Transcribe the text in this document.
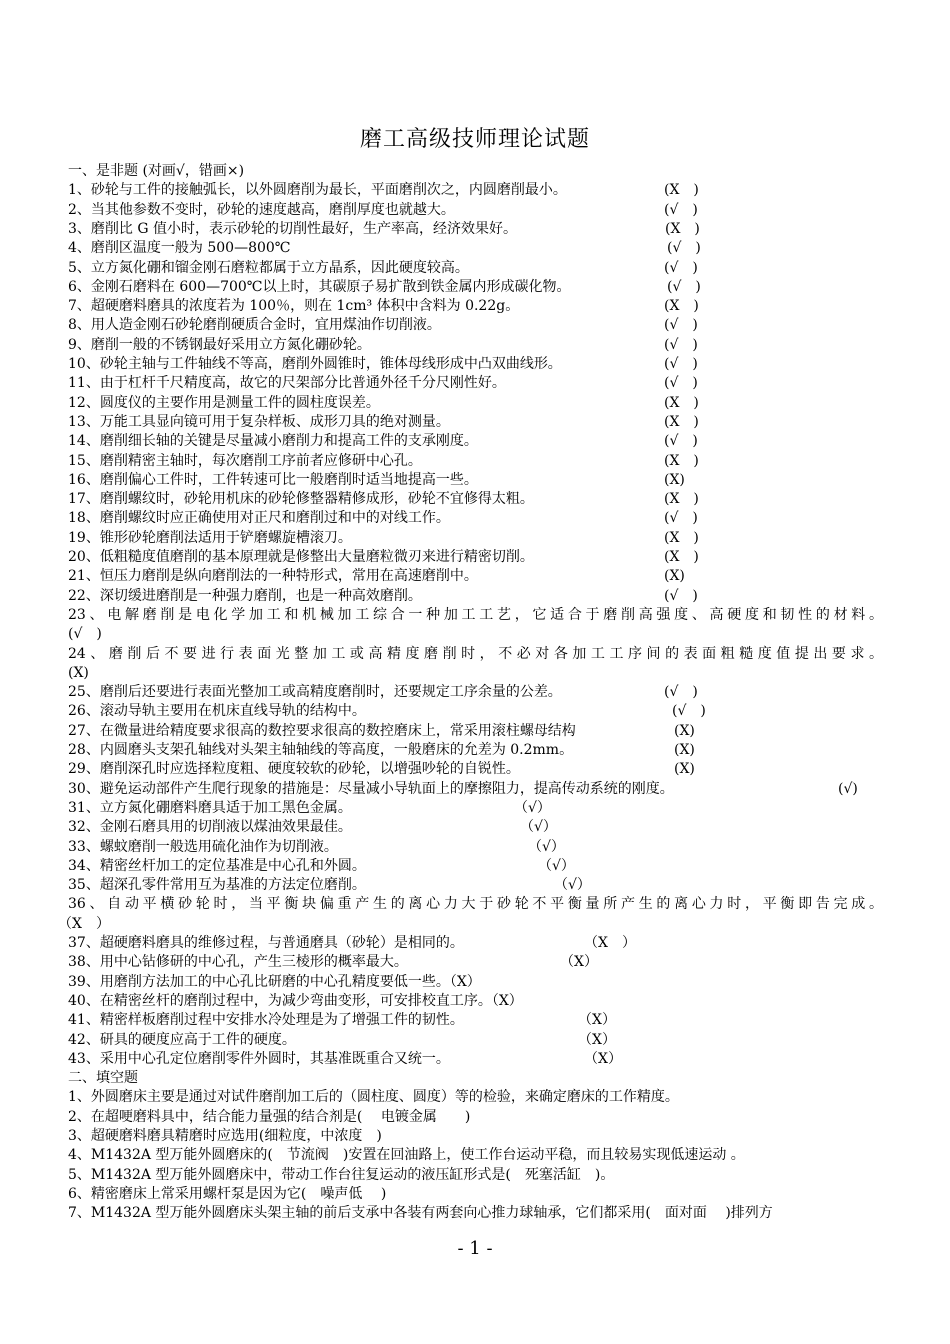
磨工高级技师理论试题
一、是非题 (对画√，错画×)
1、砂轮与工件的接触弧长，以外圆磨削为最长，平面磨削次之，内圆磨削最小。	(X　)
2、当其他参数不变时，砂轮的速度越高，磨削厚度也就越大。	(√　)
3、磨削比 G 值小时，表示砂轮的切削性最好，生产率高，经济效果好。	(X　)
4、磨削区温度一般为 500—800℃	(√　)
5、立方氮化硼和镏金刚石磨粒都属于立方晶系，因此硬度较高。	(√　)
6、金刚石磨料在 600—700℃以上时，其碳原子易扩散到铁金属内形成碳化物。	(√　)
7、超硬磨料磨具的浓度若为 100％，则在 1cm³ 体积中含料为 0.22g。	(X　)
8、用人造金刚石砂轮磨削硬质合金时，宜用煤油作切削液。	(√　)
9、磨削一般的不锈钢最好采用立方氮化硼砂轮。	(√　)
10、砂轮主轴与工件轴线不等高，磨削外圆锥时，锥体母线形成中凸双曲线形。	(√　)
11、由于杠杆千尺精度高，故它的尺架部分比普通外径千分尺刚性好。	(√　)
12、圆度仪的主要作用是测量工件的圆柱度误差。	(X　)
13、万能工具显向镜可用于复杂样板、成形刀具的绝对测量。	(X　)
14、磨削细长轴的关键是尽量减小磨削力和提高工件的支承刚度。	(√　)
15、磨削精密主轴时，每次磨削工序前者应修研中心孔。	(X　)
16、磨削偏心工件时，工件转速可比一般磨削时适当地提高一些。	(X)
17、磨削螺纹时，砂轮用机床的砂轮修整器精修成形，砂轮不宜修得太粗。	(X　)
18、磨削螺纹时应正确使用对正尺和磨削过和中的对线工作。	(√　)
19、锥形砂轮磨削法适用于铲磨螺旋槽滚刀。	(X　)
20、低粗糙度值磨削的基本原理就是修整出大量磨粒微刃来进行精密切削。	(X　)
21、恒压力磨削是纵向磨削法的一种特形式，常用在高速磨削中。	(X)
22、深切缓进磨削是一种强力磨削，也是一种高效磨削。	(√　)
23、电解磨削是电化学加工和机械加工综合一种加工工艺，它适合于磨削高强度、高硬度和韧性的材料。
(√　)
24、磨削后不要进行表面光整加工或高精度磨削时，不必对各加工工序间的表面粗糙度值提出要求。
(X)
25、磨削后还要进行表面光整加工或高精度磨削时，还要规定工序余量的公差。	(√　)
26、滚动导轨主要用在机床直线导轨的结构中。	(√　)
27、在微量进给精度要求很高的数控要求很高的数控磨床上，常采用滚柱螺母结构	(X)
28、内圆磨头支架孔轴线对头架主轴轴线的等高度，一般磨床的允差为 0.2mm。	(X)
29、磨削深孔时应选择粒度粗、硬度较软的砂轮，以增强吵轮的自锐性。	(X)
30、避免运动部件产生爬行现象的措施是：尽量减小导轨面上的摩擦阻力，提高传动系统的刚度。	(√)
31、立方氮化硼磨料磨具适于加工黑色金属。	（√）
32、金刚石磨具用的切削液以煤油效果最佳。	（√）
33、螺蚊磨削一般选用硫化油作为切削液。	（√）
34、精密丝杆加工的定位基准是中心孔和外圆。	（√）
35、超深孔零件常用互为基准的方法定位磨削。	（√）
36、自动平横砂轮时，当平衡块偏重产生的离心力大于砂轮不平衡量所产生的离心力时，平衡即告完成。
（X　）
37、超硬磨料磨具的维修过程，与普通磨具（砂轮）是相同的。	（X　）
38、用中心钻修研的中心孔，产生三棱形的概率最大。	（X）
39、用磨削方法加工的中心孔比研磨的中心孔精度要低一些。（X）
40、在精密丝杆的磨削过程中，为减少弯曲变形，可安排校直工序。（X）
41、精密样板磨削过程中安排水冷处理是为了增强工件的韧性。	（X）
42、研具的硬度应高于工件的硬度。	（X）
43、采用中心孔定位磨削零件外圆时，其基准既重合又统一。	（X）
二、填空题
1、外圆磨床主要是通过对试件磨削加工后的（圆柱度、圆度）等的检验，来确定磨床的工作精度。
2、在超哽磨料具中，结合能力量强的结合剂是(　 电镀金属　　)
3、超硬磨料磨具精磨时应选用(细粒度，中浓度　)
4、M1432A 型万能外圆磨床的(　节流阀　)安置在回油路上，使工作台运动平稳，而且较易实现低速运动 。
5、M1432A 型万能外圆磨床中，带动工作台往复运动的液压缸形式是(　死塞活缸　)。
6、精密磨床上常采用螺杆泵是因为它(　噪声低　 )
7、M1432A 型万能外圆磨床头架主轴的前后支承中各装有两套向心推力球轴承，它们都采用(　面对面　 )排列方
- 1 -
